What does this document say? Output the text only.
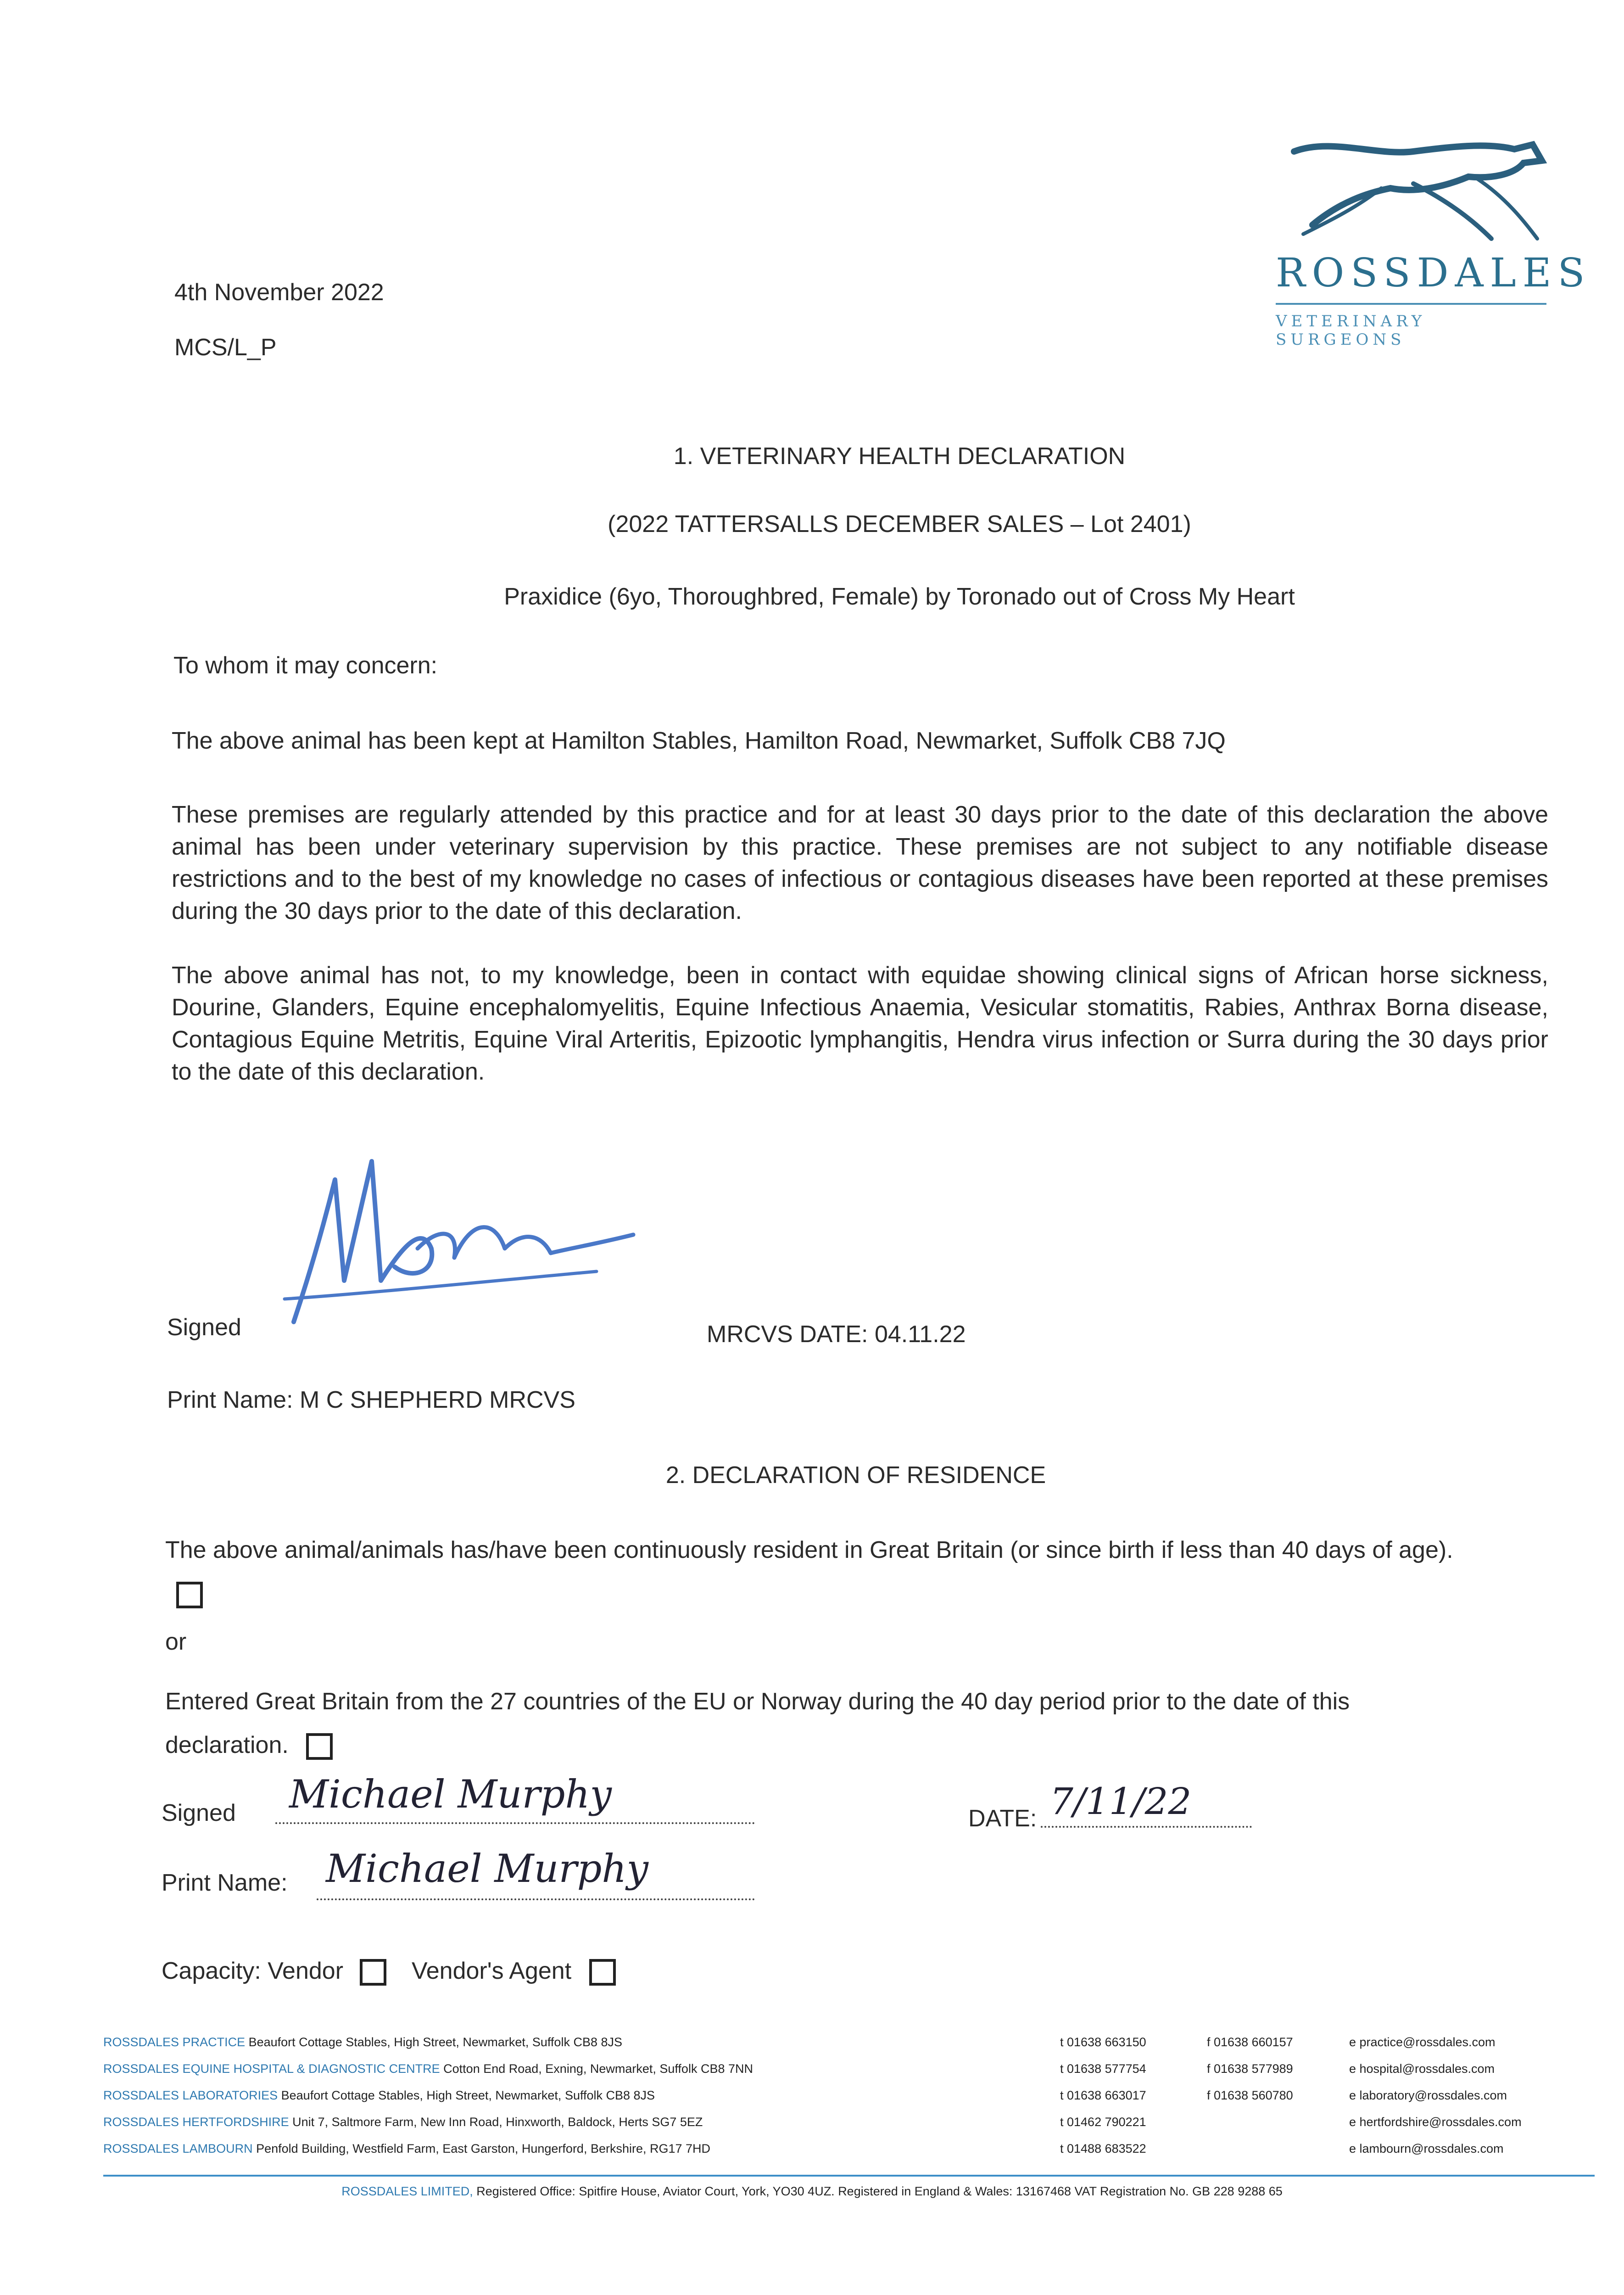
ROSSDALES
VETERINARY SURGEONS
4th November 2022
MCS/L_P
1. VETERINARY HEALTH DECLARATION
(2022 TATTERSALLS DECEMBER SALES – Lot 2401)
Praxidice (6yo, Thoroughbred, Female) by Toronado out of Cross My Heart
To whom it may concern:
The above animal has been kept at Hamilton Stables, Hamilton Road, Newmarket, Suffolk CB8 7JQ
These premises are regularly attended by this practice and for at least 30 days prior to the date of this declaration the above animal has been under veterinary supervision by this practice. These premises are not subject to any notifiable disease restrictions and to the best of my knowledge no cases of infectious or contagious diseases have been reported at these premises during the 30 days prior to the date of this declaration.
The above animal has not, to my knowledge, been in contact with equidae showing clinical signs of African horse sickness, Dourine, Glanders, Equine encephalomyelitis, Equine Infectious Anaemia, Vesicular stomatitis, Rabies, Anthrax Borna disease, Contagious Equine Metritis, Equine Viral Arteritis, Epizootic lymphangitis, Hendra virus infection or Surra during the 30 days prior to the date of this declaration.
Signed	MRCVS DATE: 04.11.22
Print Name: M C SHEPHERD MRCVS
2. DECLARATION OF RESIDENCE
The above animal/animals has/have been continuously resident in Great Britain (or since birth if less than 40 days of age).
or
Entered Great Britain from the 27 countries of the EU or Norway during the 40 day period prior to the date of this declaration.
Signed Michael Murphy
DATE: 7/11/22
Print Name: Michael Murphy
Capacity: Vendor	Vendor's Agent
ROSSDALES PRACTICE Beaufort Cottage Stables, High Street, Newmarket, Suffolk CB8 8JS
ROSSDALES EQUINE HOSPITAL & DIAGNOSTIC CENTRE Cotton End Road, Exning, Newmarket, Suffolk CB8 7NN
ROSSDALES LABORATORIES Beaufort Cottage Stables, High Street, Newmarket, Suffolk CB8 8JS
ROSSDALES HERTFORDSHIRE Unit 7, Saltmore Farm, New Inn Road, Hinxworth, Baldock, Herts SG7 5EZ
ROSSDALES LAMBOURN Penfold Building, Westfield Farm, East Garston, Hungerford, Berkshire, RG17 7HD
t 01638 663150
t 01638 577754
t 01638 663017
t 01462 790221
t 01488 683522
f 01638 660157
f 01638 577989
f 01638 560780
e practice@rossdales.com
e hospital@rossdales.com
e laboratory@rossdales.com
e hertfordshire@rossdales.com
e lambourn@rossdales.com
ROSSDALES LIMITED, Registered Office: Spitfire House, Aviator Court, York, YO30 4UZ. Registered in England & Wales: 13167468 VAT Registration No. GB 228 9288 65
